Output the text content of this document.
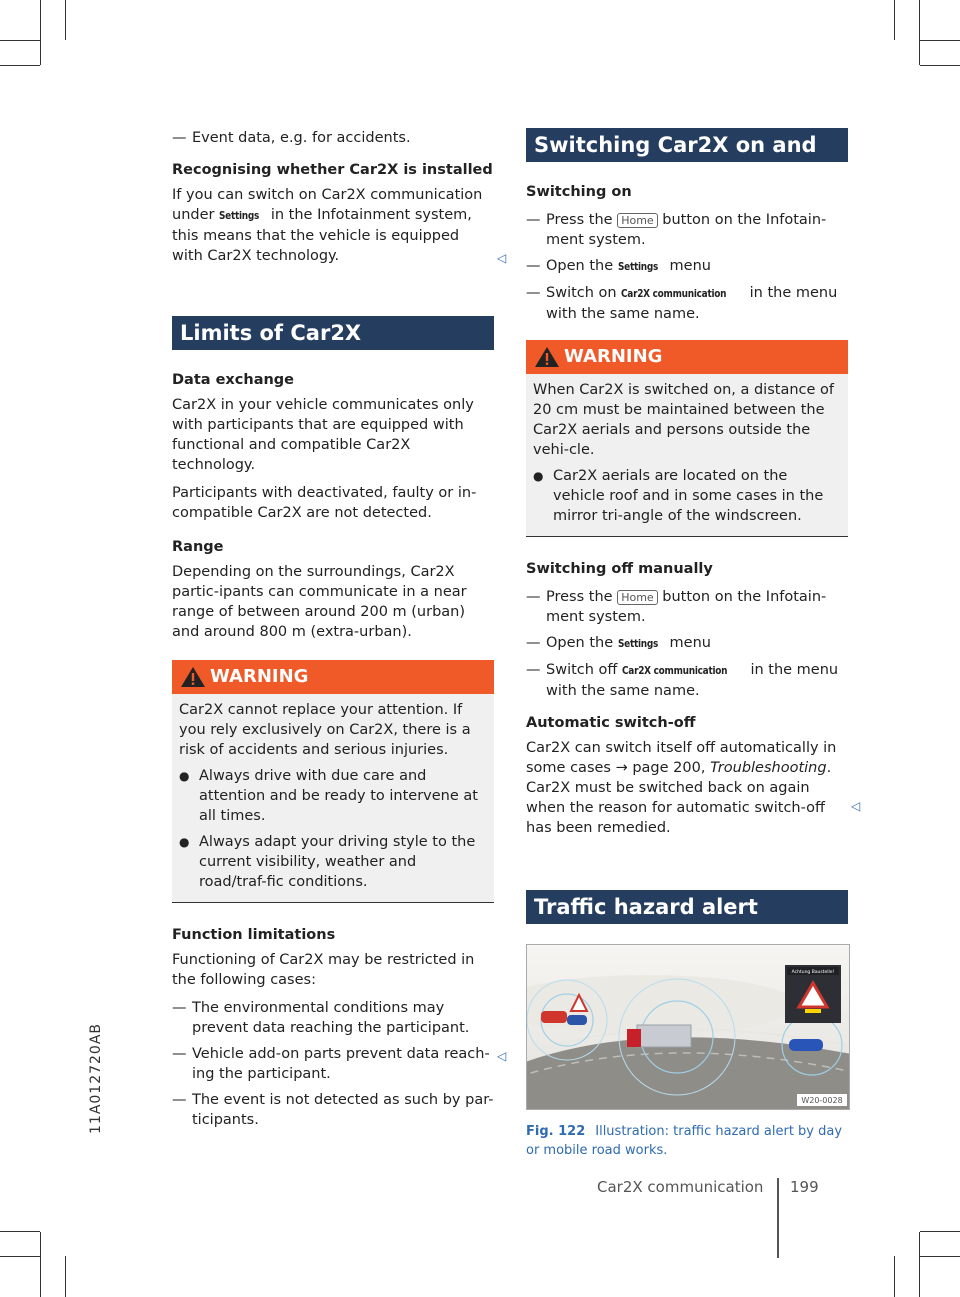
11A012720AB
— Event data, e.g. for accidents.
Recognising whether Car2X is installed

If you can switch on Car2X communication under Settings in the Infotainment system, this means that the vehicle is equipped with Car2X technology.

Limits of Car2X
Data exchange

Car2X in your vehicle communicates only with participants that are equipped with functional and compatible Car2X technology.

Participants with deactivated, faulty or in-compatible Car2X are not detected.

Range

Depending on the surroundings, Car2X partic-ipants can communicate in a near range of between around 200 m (urban) and around 800 m (extra-urban).

WARNING
Car2X cannot replace your attention. If you rely exclusively on Car2X, there is a risk of accidents and serious injuries.
● Always drive with due care and attention and be ready to intervene at all times.
● Always adapt your driving style to the current visibility, weather and road/traf-fic conditions.
Function limitations

Functioning of Car2X may be restricted in the following cases:

— The environmental conditions may prevent data reaching the participant.
— Vehicle add-on parts prevent data reach-ing the participant.
— The event is not detected as such by par-ticipants.
◁
◁
Switching Car2X on and off
Switching on
— Press the Home button on the Infotain-ment system.
— Open the Settings menu
— Switch on Car2X communication in the menu with the same name.
WARNING
When Car2X is switched on, a distance of 20 cm must be maintained between the Car2X aerials and persons outside the vehi-cle.
● Car2X aerials are located on the vehicle roof and in some cases in the mirror tri-angle of the windscreen.
Switching off manually
— Press the Home button on the Infotain-ment system.
— Open the Settings menu
— Switch off Car2X communication in the menu with the same name.
Automatic switch-off

Car2X can switch itself off automatically in some cases → page 200, Troubleshooting. Car2X must be switched back on again when the reason for automatic switch-off has been remedied.

Traffic hazard alert
Achtung Baustelle!
W20-0028
Fig. 122 Illustration: traffic hazard alert by day or mobile road works.
◁
Car2X communication 199
